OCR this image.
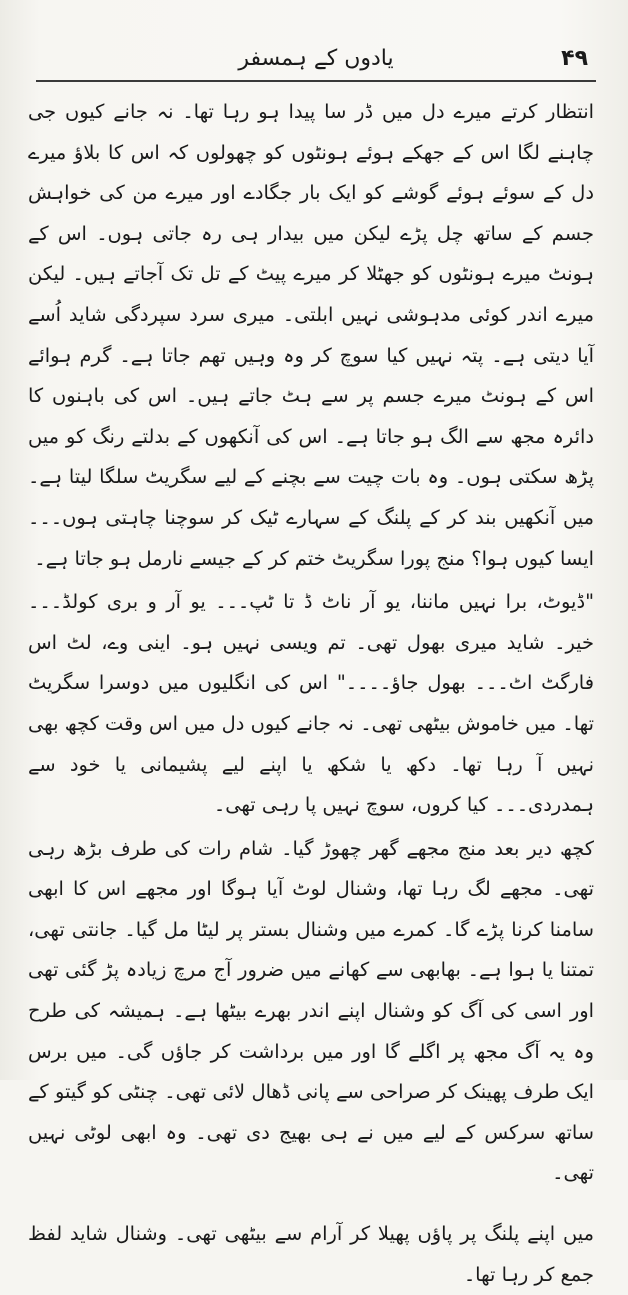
۴۹
یادوں کے ہمسفر

انتظار کرتے میرے دل میں ڈر سا پیدا ہو رہا تھا۔ نہ جانے کیوں جی چاہنے لگا اس کے جھکے ہوئے ہونٹوں کو چھولوں کہ اس کا بلاؤ میرے دل کے سوئے ہوئے گوشے کو ایک بار جگادے اور میرے من کی خواہش جسم کے ساتھ چل پڑے لیکن میں بیدار ہی رہ جاتی ہوں۔ اس کے ہونٹ میرے ہونٹوں کو جھٹلا کر میرے پیٹ کے تل تک آجاتے ہیں۔ لیکن میرے اندر کوئی مدہوشی نہیں ابلتی۔ میری سرد سپردگی شاید اُسے آیا دیتی ہے۔ پتہ نہیں کیا سوچ کر وہ وہیں تھم جاتا ہے۔ گرم ہوائے اس کے ہونٹ میرے جسم پر سے ہٹ جاتے ہیں۔ اس کی باہنوں کا دائرہ مجھ سے الگ ہو جاتا ہے۔ اس کی آنکھوں کے بدلتے رنگ کو میں پڑھ سکتی ہوں۔ وہ بات چیت سے بچنے کے لیے سگریٹ سلگا لیتا ہے۔ میں آنکھیں بند کر کے پلنگ کے سہارے ٹیک کر سوچنا چاہتی ہوں۔۔۔ ایسا کیوں ہوا؟ منج پورا سگریٹ ختم کر کے جیسے نارمل ہو جاتا ہے۔

"ڈیوٹ، برا نہیں ماننا، یو آر ناٹ ڈ تا ٹپ۔۔۔ یو آر و بری کولڈ۔۔۔ خیر۔ شاید میری بھول تھی۔ تم ویسی نہیں ہو۔ اینی وے، لٹ اس فارگٹ اٹ۔۔۔ بھول جاؤ۔۔۔۔" اس کی انگلیوں میں دوسرا سگریٹ تھا۔ میں خاموش بیٹھی تھی۔ نہ جانے کیوں دل میں اس وقت کچھ بھی نہیں آ رہا تھا۔ دکھ یا شکھ یا اپنے لیے پشیمانی یا خود سے ہمدردی۔۔۔ کیا کروں، سوچ نہیں پا رہی تھی۔

کچھ دیر بعد منج مجھے گھر چھوڑ گیا۔ شام رات کی طرف بڑھ رہی تھی۔ مجھے لگ رہا تھا، وشنال لوٹ آیا ہوگا اور مجھے اس کا ابھی سامنا کرنا پڑے گا۔ کمرے میں وشنال بستر پر لیٹا مل گیا۔ جانتی تھی، تمتنا یا ہوا ہے۔ بھابھی سے کھانے میں ضرور آج مرچ زیادہ پڑ گئی تھی اور اسی کی آگ کو وشنال اپنے اندر بھرے بیٹھا ہے۔ ہمیشہ کی طرح وہ یہ آگ مجھ پر اگلے گا اور میں برداشت کر جاؤں گی۔ میں برس ایک طرف پھینک کر صراحی سے پانی ڈھال لائی تھی۔ چنٹی کو گیتو کے ساتھ سرکس کے لیے میں نے ہی بھیج دی تھی۔ وہ ابھی لوٹی نہیں تھی۔

میں اپنے پلنگ پر پاؤں پھیلا کر آرام سے بیٹھی تھی۔ وشنال شاید لفظ جمع کر رہا تھا۔
